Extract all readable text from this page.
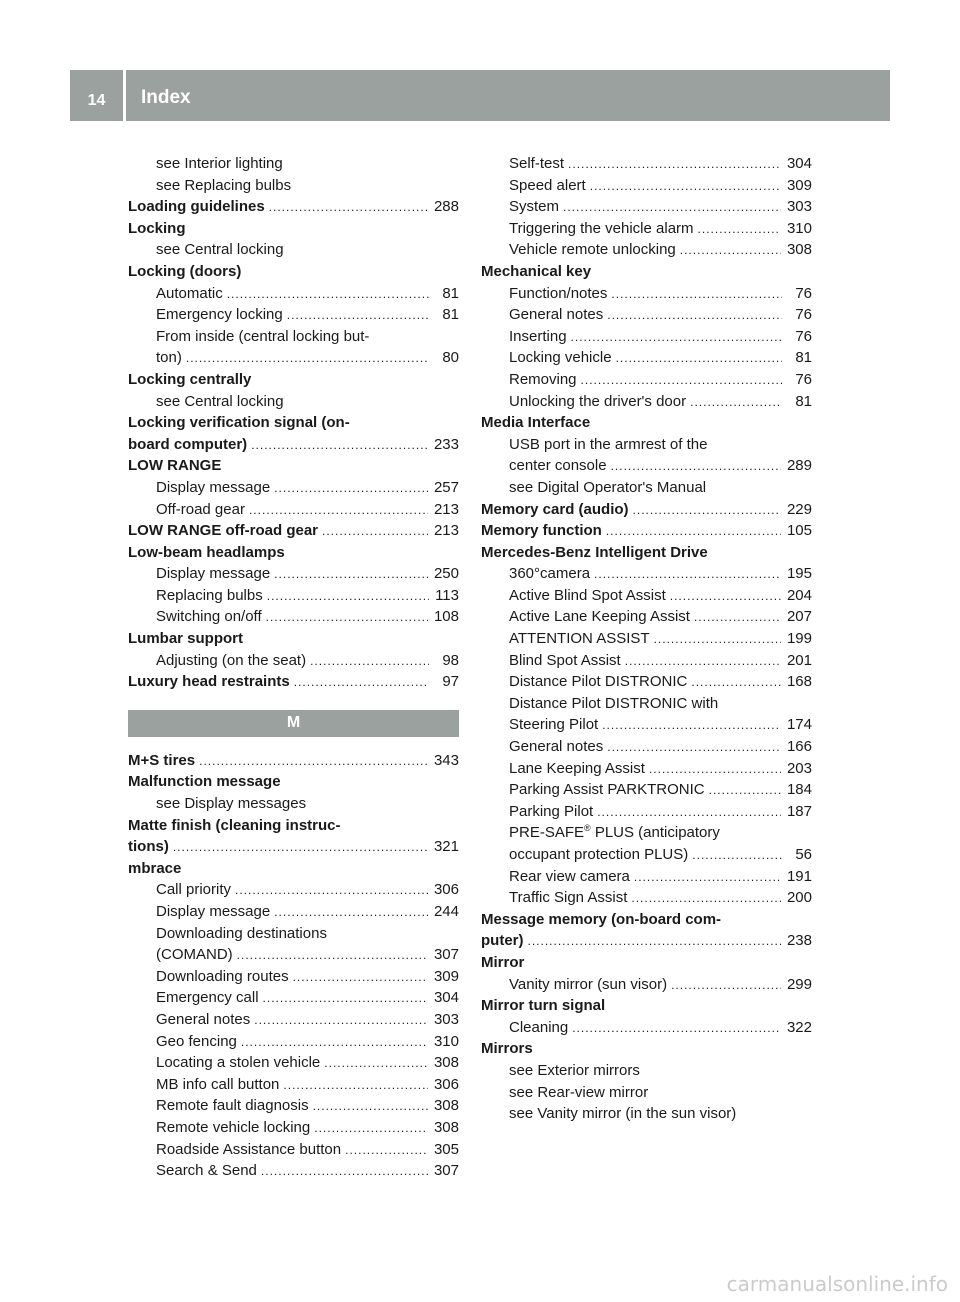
14	Index
see Interior lighting
see Replacing bulbs
Loading guidelines .....	288
Locking
see Central locking
Locking (doors)
Automatic .....	81
Emergency locking .....	81
From inside (central locking but-
ton) .....	80
Locking centrally
see Central locking
Locking verification signal (on-
board computer) .....	233
LOW RANGE
Display message .....	257
Off-road gear .....	213
LOW RANGE off-road gear .....	213
Low-beam headlamps
Display message .....	250
Replacing bulbs .....	113
Switching on/off .....	108
Lumbar support
Adjusting (on the seat) .....	98
Luxury head restraints .....	97
M
M+S tires .....	343
Malfunction message
see Display messages
Matte finish (cleaning instruc-
tions) .....	321
mbrace
Call priority .....	306
Display message .....	244
Downloading destinations
(COMAND) .....	307
Downloading routes .....	309
Emergency call .....	304
General notes .....	303
Geo fencing .....	310
Locating a stolen vehicle .....	308
MB info call button .....	306
Remote fault diagnosis .....	308
Remote vehicle locking .....	308
Roadside Assistance button .....	305
Search & Send .....	307
Self-test .....	304
Speed alert .....	309
System .....	303
Triggering the vehicle alarm .....	310
Vehicle remote unlocking .....	308
Mechanical key
Function/notes .....	76
General notes .....	76
Inserting .....	76
Locking vehicle .....	81
Removing .....	76
Unlocking the driver's door .....	81
Media Interface
USB port in the armrest of the
center console .....	289
see Digital Operator's Manual
Memory card (audio) .....	229
Memory function .....	105
Mercedes-Benz Intelligent Drive
360°camera .....	195
Active Blind Spot Assist .....	204
Active Lane Keeping Assist .....	207
ATTENTION ASSIST .....	199
Blind Spot Assist .....	201
Distance Pilot DISTRONIC .....	168
Distance Pilot DISTRONIC with
Steering Pilot .....	174
General notes .....	166
Lane Keeping Assist .....	203
Parking Assist PARKTRONIC .....	184
Parking Pilot .....	187
PRE-SAFE® PLUS (anticipatory
occupant protection PLUS) .....	56
Rear view camera .....	191
Traffic Sign Assist .....	200
Message memory (on-board com-
puter) .....	238
Mirror
Vanity mirror (sun visor) .....	299
Mirror turn signal
Cleaning .....	322
Mirrors
see Exterior mirrors
see Rear-view mirror
see Vanity mirror (in the sun visor)
carmanualsonline.info
